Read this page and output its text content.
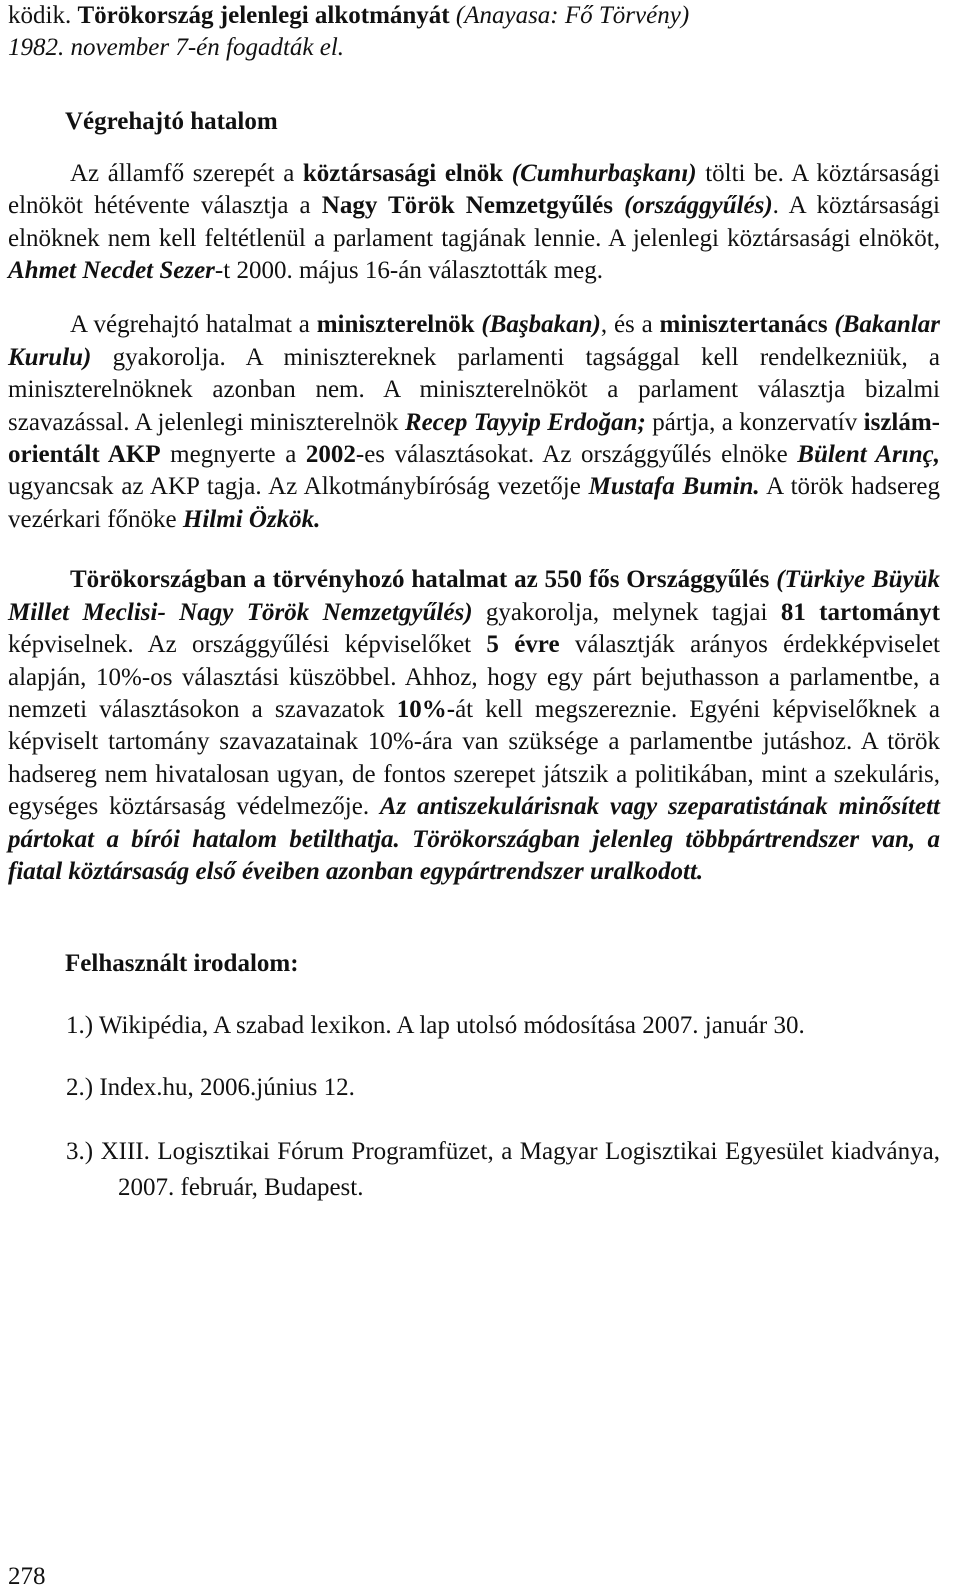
ködik. Törökország jelenlegi alkotmányát (Anayasa: Fő Törvény)
1982. november 7-én fogadták el.

Végrehajtó hatalom

Az államfő szerepét a köztársasági elnök (Cumhurbaşkanı) tölti be. A köztársasági elnököt hétévente választja a Nagy Török Nemzetgyűlés (országgyűlés). A köztársasági elnöknek nem kell feltétlenül a parlament tagjának lennie. A jelenlegi köztársasági elnököt, Ahmet Necdet Sezer-t 2000. május 16-án választották meg.

A végrehajtó hatalmat a miniszterelnök (Başbakan), és a minisztertanács (Bakanlar Kurulu) gyakorolja. A minisztereknek parlamenti tagsággal kell rendelkezniük, a miniszterelnöknek azonban nem. A miniszterelnököt a parlament választja bizalmi szavazással. A jelenlegi miniszterelnök Recep Tayyip Erdoğan; pártja, a konzervatív iszlám-orientált AKP megnyerte a 2002-es választásokat. Az országgyűlés elnöke Bülent Arınç, ugyancsak az AKP tagja. Az Alkotmánybíróság vezetője Mustafa Bumin. A török hadsereg vezérkari főnöke Hilmi Özkök.

Törökországban a törvényhozó hatalmat az 550 fős Országgyűlés (Türkiye Büyük Millet Meclisi- Nagy Török Nemzetgyűlés) gyakorolja, melynek tagjai 81 tartományt képviselnek. Az országgyűlési képviselőket 5 évre választják arányos érdekképviselet alapján, 10%-os választási küszöbbel. Ahhoz, hogy egy párt bejuthasson a parlamentbe, a nemzeti választásokon a szavazatok 10%-át kell megszereznie. Egyéni képviselőknek a képviselt tartomány szavazatainak 10%-ára van szüksége a parlamentbe jutáshoz. A török hadsereg nem hivatalosan ugyan, de fontos szerepet játszik a politikában, mint a szekuláris, egységes köztársaság védelmezője. Az antiszekulárisnak vagy szeparatistának minősített pártokat a bírói hatalom betilthatja. Törökországban jelenleg többpártrendszer van, a fiatal köztársaság első éveiben azonban egypártrendszer uralkodott.

Felhasznált irodalom:

1.) Wikipédia, A szabad lexikon. A lap utolsó módosítása 2007. január 30.

2.) Index.hu, 2006.június 12.

3.) XIII. Logisztikai Fórum Programfüzet, a Magyar Logisztikai Egyesület kiadványa, 2007. február, Budapest.

278
